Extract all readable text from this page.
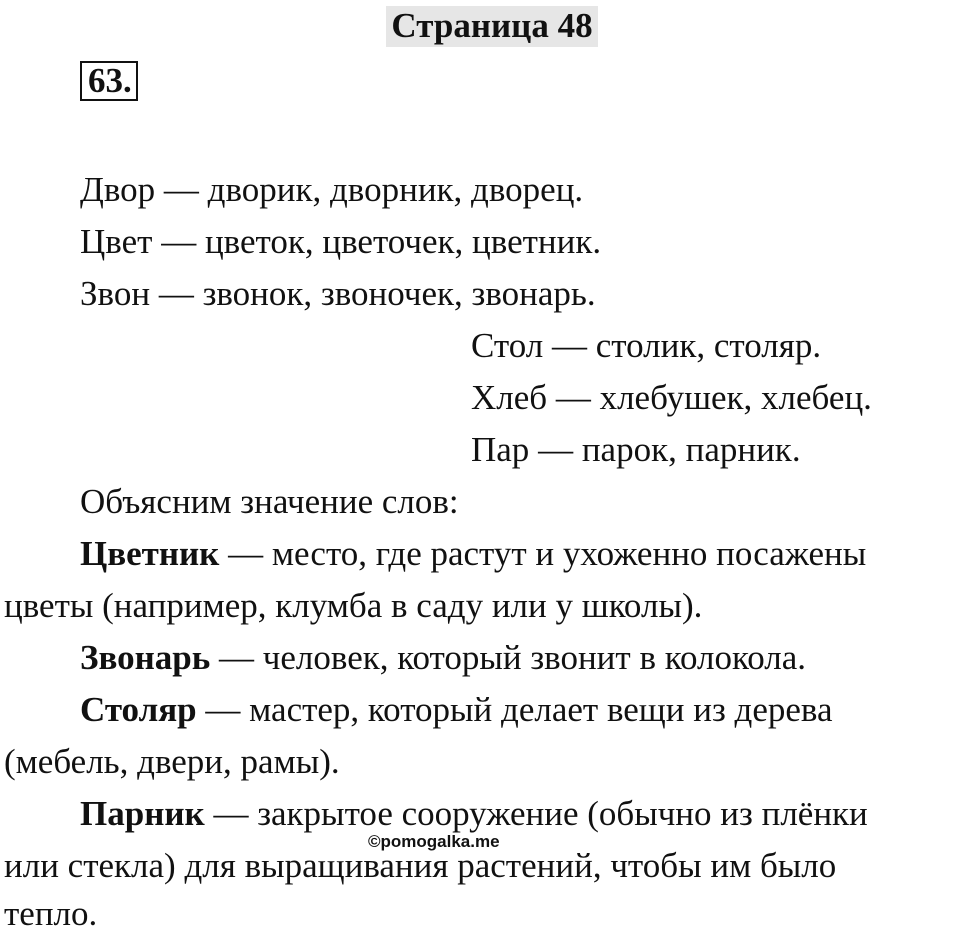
Страница 48
63.
Двор — дворик, дворник, дворец.
Цвет — цветок, цветочек, цветник.
Звон — звонок, звоночек, звонарь.
Стол — столик, столяр.
Хлеб — хлебушек, хлебец.
Пар — парок, парник.
Объясним значение слов:
Цветник — место, где растут и ухоженно посажены
цветы (например, клумба в саду или у школы).
Звонарь — человек, который звонит в колокола.
Столяр — мастер, который делает вещи из дерева
(мебель, двери, рамы).
Парник — закрытое сооружение (обычно из плёнки
или стекла) для выращивания растений, чтобы им было
тепло.
©pomogalka.me
